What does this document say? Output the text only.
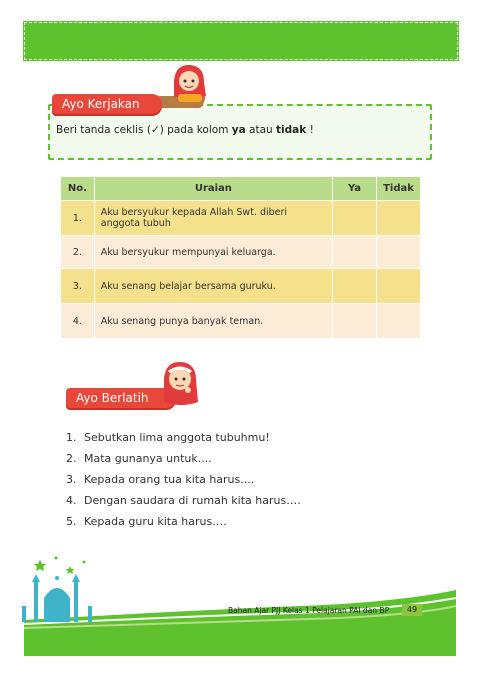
Beri tanda ceklis (✓) pada kolom ya atau tidak !
Ayo Kerjakan
No.	Uraian	Ya	Tidak
1.	Aku bersyukur kepada Allah Swt. diberi anggota tubuh		
2.	Aku bersyukur mempunyai keluarga.		
3.	Aku senang belajar bersama guruku.		
4.	Aku senang punya banyak teman.		
Ayo Berlatih
1. Sebutkan lima anggota tubuhmu!
2. Mata gunanya untuk....
3. Kepada orang tua kita harus....
4. Dengan saudara di rumah kita harus….
5. Kepada guru kita harus….
Bahan Ajar PJJ Kelas 1 Pelajaran PAI dan BP	49
